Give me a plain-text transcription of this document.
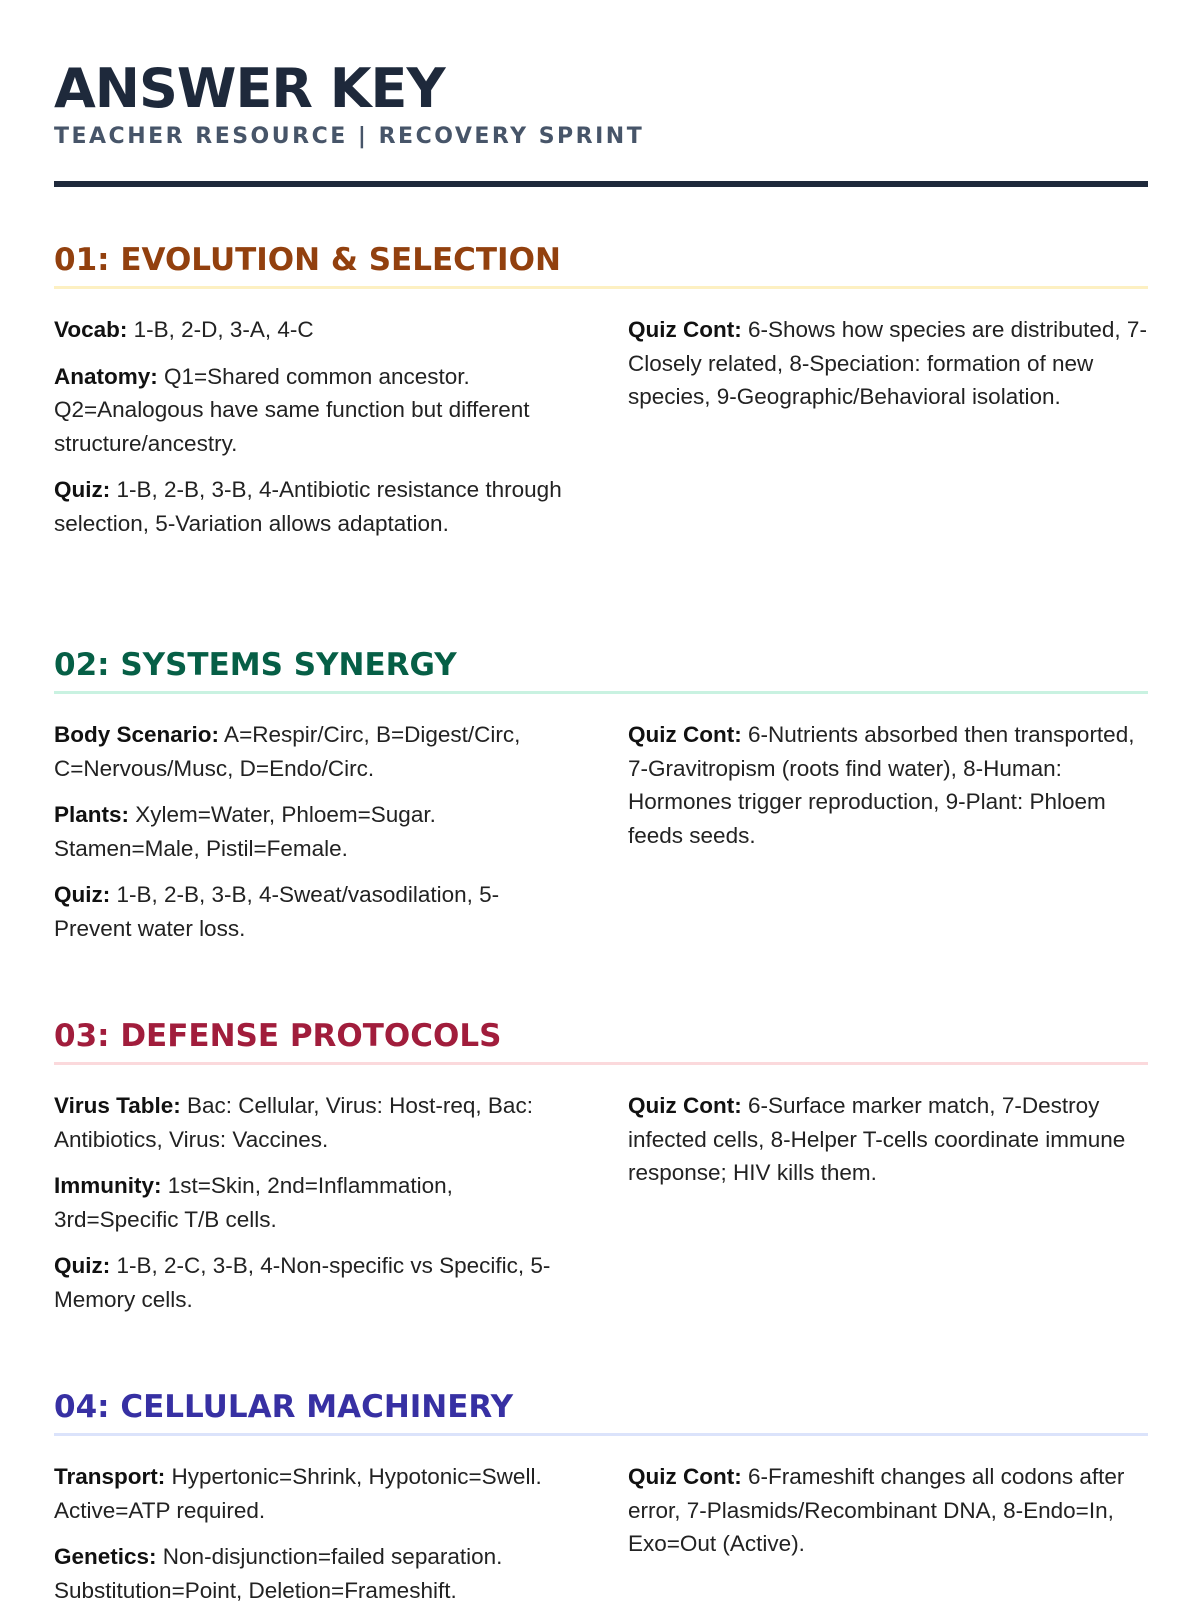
ANSWER KEY
TEACHER RESOURCE | RECOVERY SPRINT
01: EVOLUTION & SELECTION

Vocab: 1-B, 2-D, 3-A, 4-C

Anatomy: Q1=Shared common ancestor. Q2=Analogous have same function but different structure/ancestry.

Quiz: 1-B, 2-B, 3-B, 4-Antibiotic resistance through selection, 5-Variation allows adaptation.

Quiz Cont: 6-Shows how species are distributed, 7-Closely related, 8-Speciation: formation of new species, 9-Geographic/Behavioral isolation.

02: SYSTEMS SYNERGY

Body Scenario: A=Respir/Circ, B=Digest/Circ, C=Nervous/Musc, D=Endo/Circ.

Plants: Xylem=Water, Phloem=Sugar. Stamen=Male, Pistil=Female.

Quiz: 1-B, 2-B, 3-B, 4-Sweat/vasodilation, 5-Prevent water loss.

Quiz Cont: 6-Nutrients absorbed then transported, 7-Gravitropism (roots find water), 8-Human: Hormones trigger reproduction, 9-Plant: Phloem feeds seeds.

03: DEFENSE PROTOCOLS

Virus Table: Bac: Cellular, Virus: Host-req, Bac: Antibiotics, Virus: Vaccines.

Immunity: 1st=Skin, 2nd=Inflammation, 3rd=Specific T/B cells.

Quiz: 1-B, 2-C, 3-B, 4-Non-specific vs Specific, 5-Memory cells.

Quiz Cont: 6-Surface marker match, 7-Destroy infected cells, 8-Helper T-cells coordinate immune response; HIV kills them.

04: CELLULAR MACHINERY

Transport: Hypertonic=Shrink, Hypotonic=Swell. Active=ATP required.

Genetics: Non-disjunction=failed separation. Substitution=Point, Deletion=Frameshift.

Quiz Cont: 6-Frameshift changes all codons after error, 7-Plasmids/Recombinant DNA, 8-Endo=In, Exo=Out (Active).
